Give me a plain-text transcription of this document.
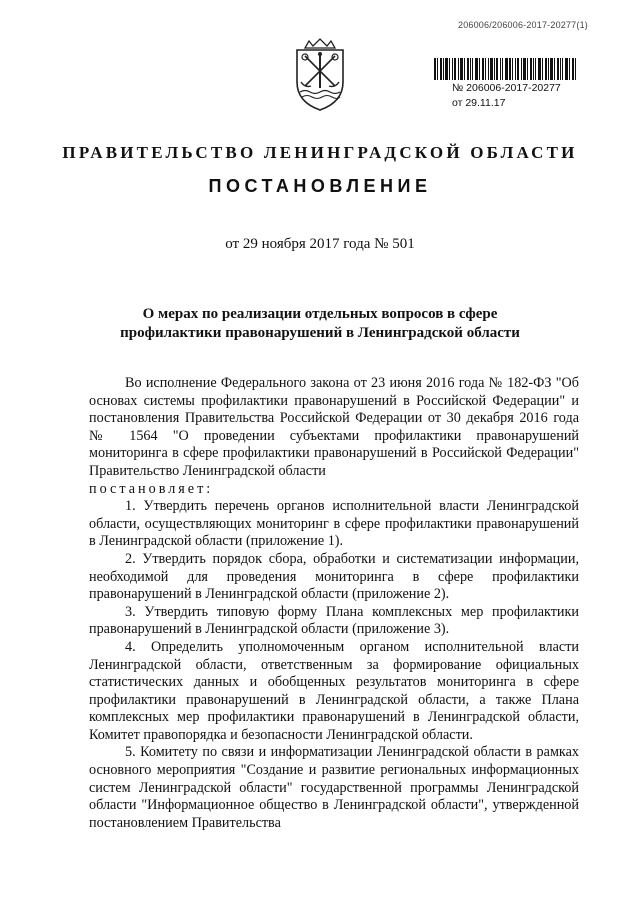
206006/206006-2017-20277(1)
№ 206006-2017-20277
от 29.11.17
ПРАВИТЕЛЬСТВО ЛЕНИНГРАДСКОЙ ОБЛАСТИ
ПОСТАНОВЛЕНИЕ
от 29 ноября 2017 года № 501
О мерах по реализации отдельных вопросов в сфере
профилактики правонарушений в Ленинградской области

Во исполнение Федерального закона от 23 июня 2016 года № 182-ФЗ "Об основах системы профилактики правонарушений в Российской Федерации" и постановления Правительства Российской Федерации от 30 декабря 2016 года № 1564 "О проведении субъектами профилактики правонарушений мониторинга в сфере профилактики правонарушений в Российской Федерации" Правительство Ленинградской области

постановляет:

1. Утвердить перечень органов исполнительной власти Ленинградской области, осуществляющих мониторинг в сфере профилактики правонарушений в Ленинградской области (приложение 1).

2. Утвердить порядок сбора, обработки и систематизации информации, необходимой для проведения мониторинга в сфере профилактики правонарушений в Ленинградской области (приложение 2).

3. Утвердить типовую форму Плана комплексных мер профилактики правонарушений в Ленинградской области (приложение 3).

4. Определить уполномоченным органом исполнительной власти Ленинградской области, ответственным за формирование официальных статистических данных и обобщенных результатов мониторинга в сфере профилактики правонарушений в Ленинградской области, а также Плана комплексных мер профилактики правонарушений в Ленинградской области, Комитет правопорядка и безопасности Ленинградской области.

5. Комитету по связи и информатизации Ленинградской области в рамках основного мероприятия "Создание и развитие региональных информационных систем Ленинградской области" государственной программы Ленинградской области "Информационное общество в Ленинградской области", утвержденной постановлением Правительства
